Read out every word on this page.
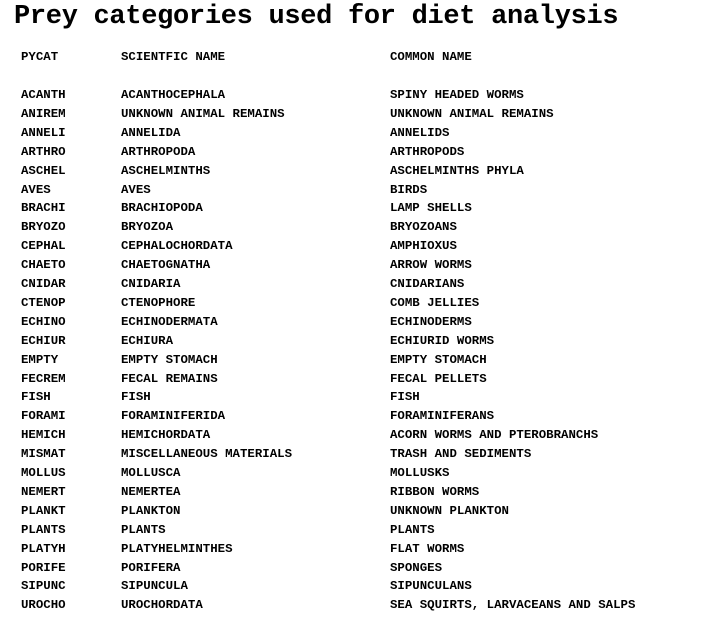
Prey categories used for diet analysis
PYCAT	SCIENTFIC NAME	COMMON NAME
ACANTH	ACANTHOCEPHALA	SPINY HEADED WORMS
ANIREM	UNKNOWN ANIMAL REMAINS	UNKNOWN ANIMAL REMAINS
ANNELI	ANNELIDA	ANNELIDS
ARTHRO	ARTHROPODA	ARTHROPODS
ASCHEL	ASCHELMINTHS	ASCHELMINTHS PHYLA
AVES	AVES	BIRDS
BRACHI	BRACHIOPODA	LAMP SHELLS
BRYOZO	BRYOZOA	BRYOZOANS
CEPHAL	CEPHALOCHORDATA	AMPHIOXUS
CHAETO	CHAETOGNATHA	ARROW WORMS
CNIDAR	CNIDARIA	CNIDARIANS
CTENOP	CTENOPHORE	COMB JELLIES
ECHINO	ECHINODERMATA	ECHINODERMS
ECHIUR	ECHIURA	ECHIURID WORMS
EMPTY	EMPTY STOMACH	EMPTY STOMACH
FECREM	FECAL REMAINS	FECAL PELLETS
FISH	FISH	FISH
FORAMI	FORAMINIFERIDA	FORAMINIFERANS
HEMICH	HEMICHORDATA	ACORN WORMS AND PTEROBRANCHS
MISMAT	MISCELLANEOUS MATERIALS	TRASH AND SEDIMENTS
MOLLUS	MOLLUSCA	MOLLUSKS
NEMERT	NEMERTEA	RIBBON WORMS
PLANKT	PLANKTON	UNKNOWN PLANKTON
PLANTS	PLANTS	PLANTS
PLATYH	PLATYHELMINTHES	FLAT WORMS
PORIFE	PORIFERA	SPONGES
SIPUNC	SIPUNCULA	SIPUNCULANS
UROCHO	UROCHORDATA	SEA SQUIRTS, LARVACEANS AND SALPS
